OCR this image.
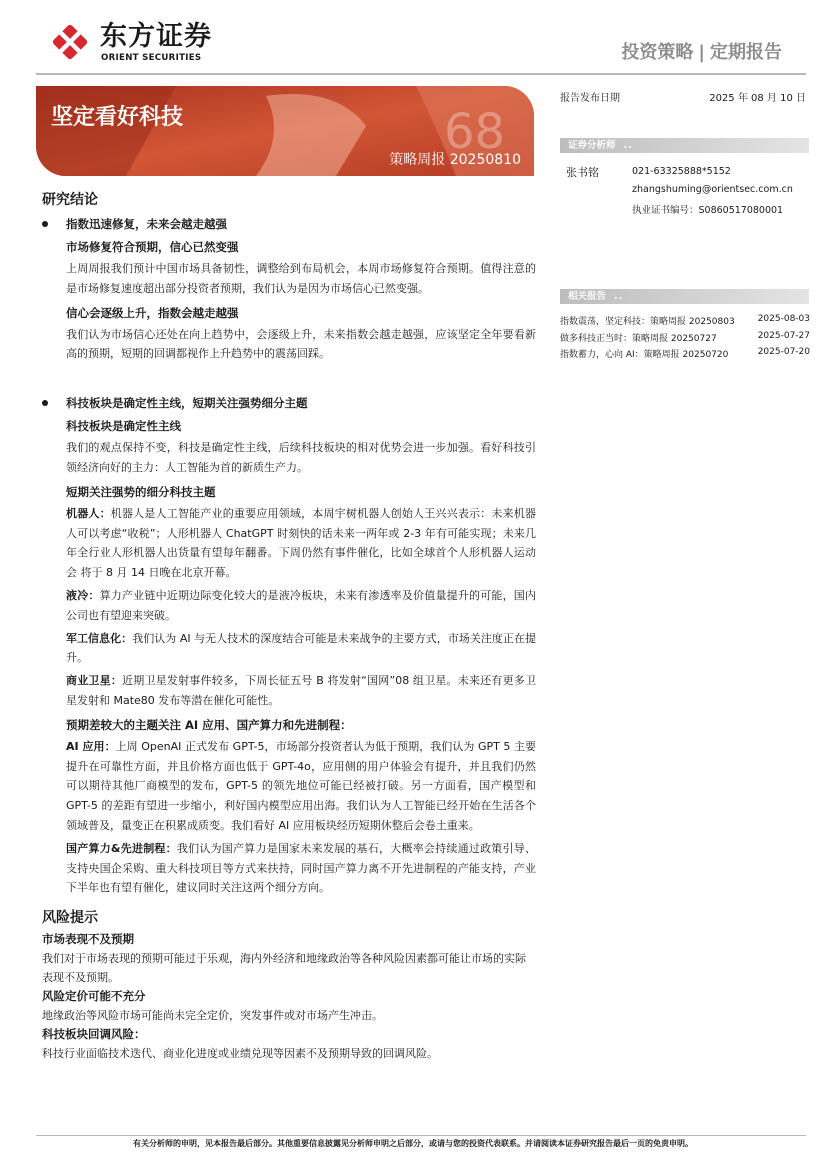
东方证券
ORIENT SECURITIES	投资策略 | 定期报告
68
坚定看好科技
策略周报 20250810
报告发布日期	2025 年 08 月 10 日
证券分析师 ..
张书铭	021-63325888*5152
zhangshuming@orientsec.com.cn
执业证书编号：S0860517080001
相关报告 ..
指数震荡，坚定科技：策略周报 20250803	2025-08-03
做多科技正当时：策略周报 20250727	2025-07-27
指数蓄力，心向 AI：策略周报 20250720	2025-07-20
研究结论
指数迅速修复，未来会越走越强
市场修复符合预期，信心已然变强

上周周报我们预计中国市场具备韧性，调整给到布局机会，本周市场修复符合预期。值得注意的是市场修复速度超出部分投资者预期，我们认为是因为市场信心已然变强。

信心会逐级上升，指数会越走越强

我们认为市场信心还处在向上趋势中，会逐级上升，未来指数会越走越强，应该坚定全年要看新高的预期，短期的回调都视作上升趋势中的震荡回踩。

科技板块是确定性主线，短期关注强势细分主题
科技板块是确定性主线

我们的观点保持不变，科技是确定性主线，后续科技板块的相对优势会进一步加强。看好科技引领经济向好的主力：人工智能为首的新质生产力。

短期关注强势的细分科技主题

机器人：机器人是人工智能产业的重要应用领域，本周宇树机器人创始人王兴兴表示：未来机器人可以考虑“收税”；人形机器人 ChatGPT 时刻快的话未来一两年或 2-3 年有可能实现；未来几年全行业人形机器人出货量有望每年翻番。下周仍然有事件催化，比如全球首个人形机器人运动会 将于 8 月 14 日晚在北京开幕。

液冷：算力产业链中近期边际变化较大的是液冷板块，未来有渗透率及价值量提升的可能，国内公司也有望迎来突破。

军工信息化：我们认为 AI 与无人技术的深度结合可能是未来战争的主要方式，市场关注度正在提升。

商业卫星：近期卫星发射事件较多，下周长征五号 B 将发射“国网”08 组卫星。未来还有更多卫星发射和 Mate80 发布等潜在催化可能性。

预期差较大的主题关注 AI 应用、国产算力和先进制程：

AI 应用：上周 OpenAI 正式发布 GPT-5，市场部分投资者认为低于预期，我们认为 GPT 5 主要提升在可靠性方面，并且价格方面也低于 GPT-4o，应用侧的用户体验会有提升，并且我们仍然可以期待其他厂商模型的发布，GPT-5 的领先地位可能已经被打破。另一方面看，国产模型和 GPT-5 的差距有望进一步缩小，利好国内模型应用出海。我们认为人工智能已经开始在生活各个领域普及，量变正在积累成质变。我们看好 AI 应用板块经历短期休整后会卷土重来。

国产算力&先进制程：我们认为国产算力是国家未来发展的基石，大概率会持续通过政策引导、支持央国企采购、重大科技项目等方式来扶持，同时国产算力离不开先进制程的产能支持，产业下半年也有望有催化，建议同时关注这两个细分方向。

风险提示
市场表现不及预期

我们对于市场表现的预期可能过于乐观，海内外经济和地缘政治等各种风险因素都可能让市场的实际表现不及预期。

风险定价可能不充分

地缘政治等风险市场可能尚未完全定价，突发事件或对市场产生冲击。

科技板块回调风险：

科技行业面临技术迭代、商业化进度或业绩兑现等因素不及预期导致的回调风险。

有关分析师的申明，见本报告最后部分。其他重要信息披露见分析师申明之后部分，或请与您的投资代表联系。并请阅读本证券研究报告最后一页的免责申明。
